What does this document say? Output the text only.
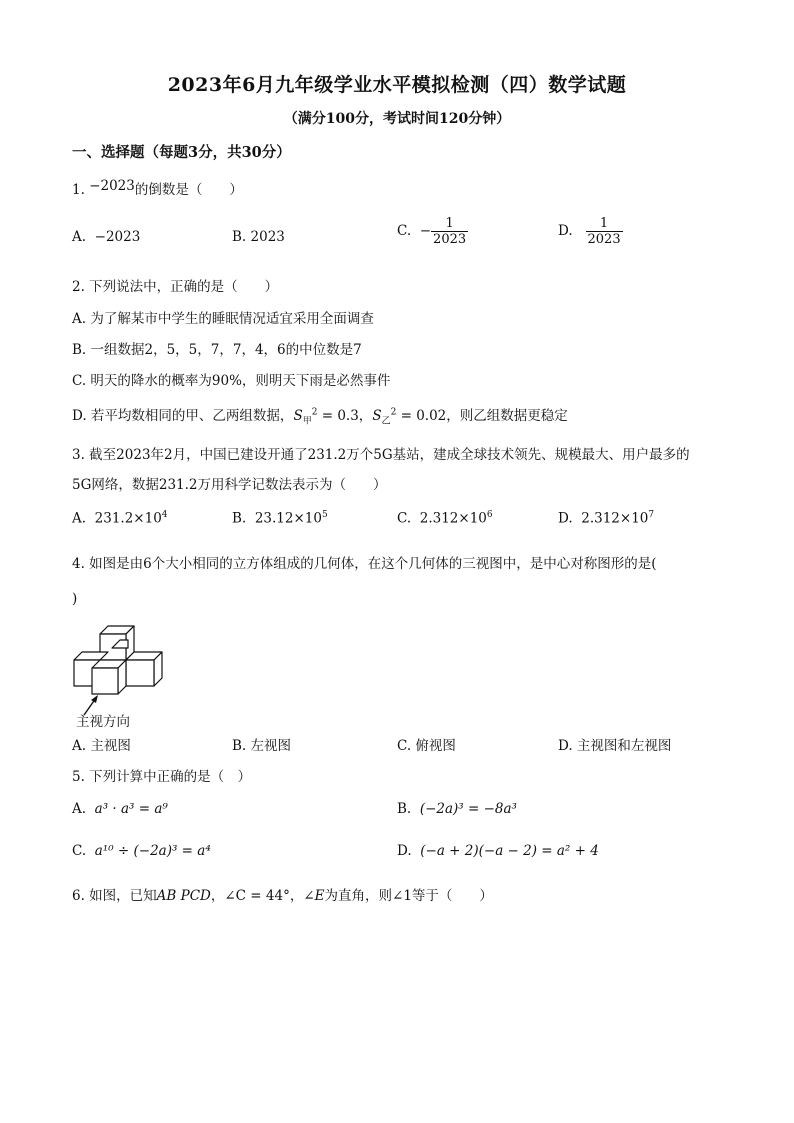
2023年6月九年级学业水平模拟检测（四）数学试题
（满分100分，考试时间120分钟）
一、选择题（每题3分，共30分）
1. −2023的倒数是（　　）
A. −2023	B. 2023	C. − $\frac{1}{2023}$	D. $\frac{1}{2023}$
2. 下列说法中，正确的是（　　）
A. 为了解某市中学生的睡眠情况适宜采用全面调查
B. 一组数据2，5，5，7，7，4，6的中位数是7
C. 明天的降水的概率为90%，则明天下雨是必然事件
D. 若平均数相同的甲、乙两组数据，$S_甲^2 = 0.3$，$S_乙^2 = 0.02$，则乙组数据更稳定
3. 截至2023年2月，中国已建设开通了231.2万个5G基站，建成全球技术领先、规模最大、用户最多的
5G网络，数据231.2万用科学记数法表示为（　　）
A. $231.2\times 10^4$	B. $23.12\times 10^5$	C. $2.312\times 10^6$	D. $2.312\times 10^7$
4. 如图是由6个大小相同的立方体组成的几何体，在这个几何体的三视图中，是中心对称图形的是(
)
主视方向
A. 主视图	B. 左视图	C. 俯视图	D. 主视图和左视图
5. 下列计算中正确的是（　）
A. a³ · a³ = a⁹	B. (−2a)³ = −8a³
C. a¹⁰ ÷ (−2a)³ = a⁴	D. (−a + 2)(−a − 2) = a² + 4
6. 如图，已知AB PCD，∠C = 44°，∠E为直角，则∠1等于（　　）
